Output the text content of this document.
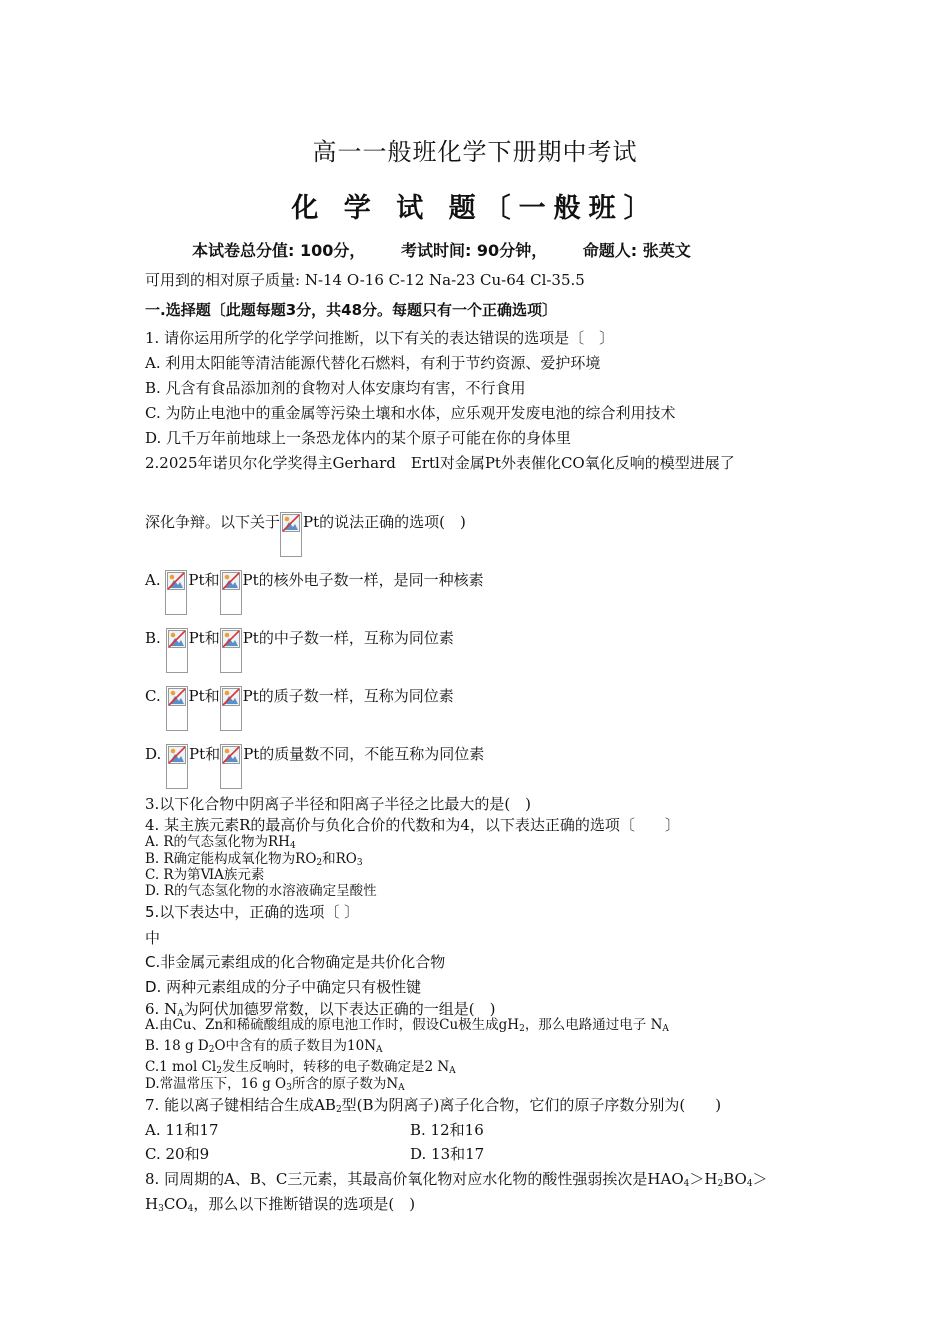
高一一般班化学下册期中考试
化 学 试 题〔一般班〕
本试卷总分值: 100分， 考试时间: 90分钟， 命题人: 张英文
可用到的相对原子质量: N-14 O-16 C-12 Na-23 Cu-64 Cl-35.5
一.选择题〔此题每题3分，共48分。每题只有一个正确选项〕
1. 请你运用所学的化学学问推断，以下有关的表达错误的选项是〔　〕
A. 利用太阳能等清洁能源代替化石燃料，有利于节约资源、爱护环境
B. 凡含有食品添加剂的食物对人体安康均有害，不行食用
C. 为防止电池中的重金属等污染土壤和水体，应乐观开发废电池的综合利用技术
D. 几千万年前地球上一条恐龙体内的某个原子可能在你的身体里
2.2025年诺贝尔化学奖得主Gerhard　Ertl对金属Pt外表催化CO氧化反响的模型进展了
深化争辩。以下关于 Pt的说法正确的选项(　)
A. Pt和 Pt的核外电子数一样，是同一种核素
B. Pt和 Pt的中子数一样，互称为同位素
C. Pt和 Pt的质子数一样，互称为同位素
D. Pt和 Pt的质量数不同，不能互称为同位素
3.以下化合物中阴离子半径和阳离子半径之比最大的是(　)
4. 某主族元素R的最高价与负化合价的代数和为4，以下表达正确的选项〔　　〕
A. R的气态氢化物为$RH_4$
B. R确定能构成氧化物为$RO_2$和$RO_3$
C. R为第ⅥA族元素
D. R的气态氢化物的水溶液确定呈酸性
5.以下表达中，正确的选项〔 〕
中
C.非金属元素组成的化合物确定是共价化合物
D. 两种元素组成的分子中确定只有极性键
6. $N_A$为阿伏加德罗常数，以下表达正确的一组是(　)
A.由Cu、Zn和稀硫酸组成的原电池工作时，假设Cu极生成$gH_2$，那么电路通过电子 $N_A$
B. 18 g $D_2O$中含有的质子数目为$10N_A$
C.1 mol $Cl_2$发生反响时，转移的电子数确定是2 $N_A$
D.常温常压下，16 g $O_3$所含的原子数为$N_A$
7. 能以离子键相结合生成$AB_2$型(B为阴离子)离子化合物，它们的原子序数分别为(　　)
A. 11和17	B. 12和16
C. 20和9	D. 13和17
8. 同周期的A、B、C三元素，其最高价氧化物对应水化物的酸性强弱挨次是$HAO_4>H_2BO_4>$
$H_3CO_4$，那么以下推断错误的选项是(　)
